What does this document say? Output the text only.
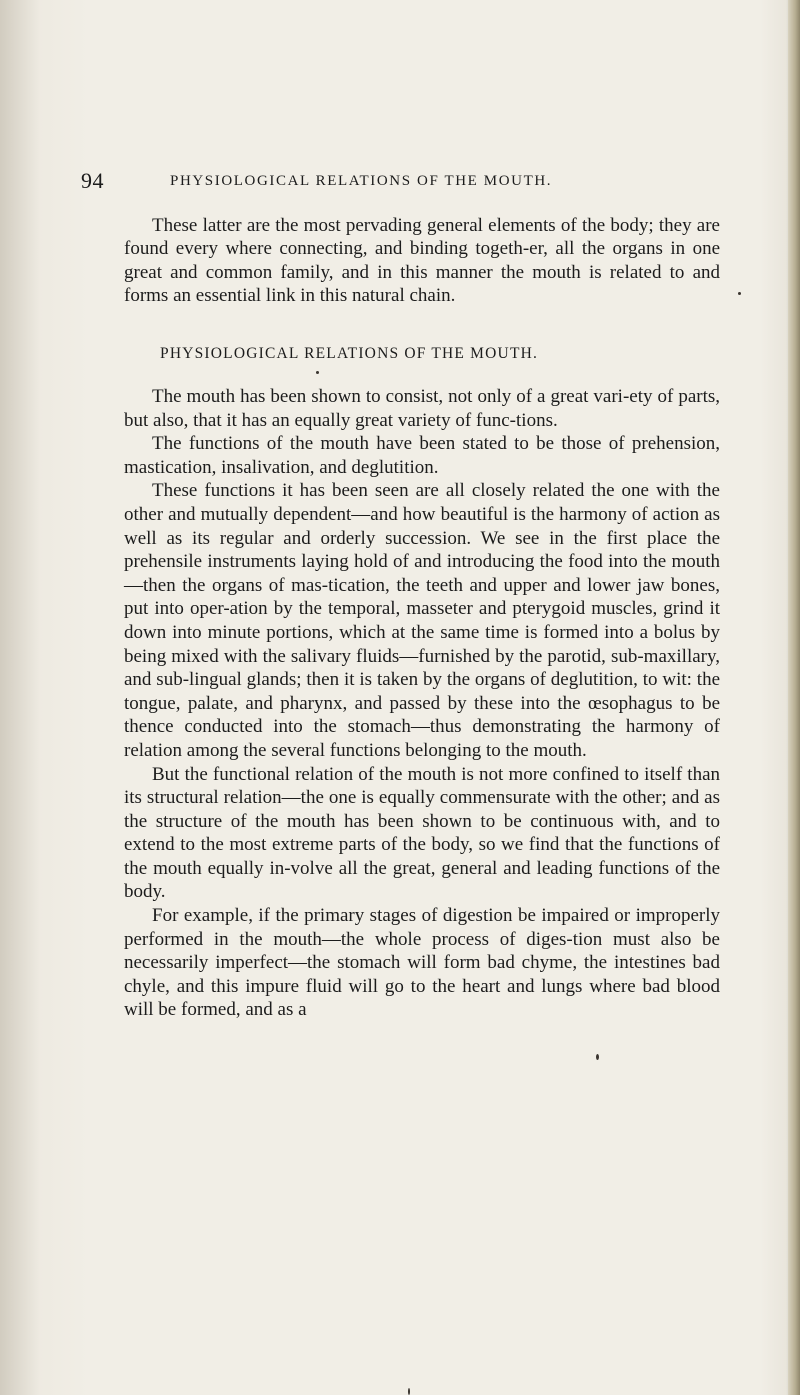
94	PHYSIOLOGICAL RELATIONS OF THE MOUTH.

These latter are the most pervading general elements of the body; they are found every where connecting, and binding togeth-er, all the organs in one great and common family, and in this manner the mouth is related to and forms an essential link in this natural chain.

PHYSIOLOGICAL RELATIONS OF THE MOUTH.

The mouth has been shown to consist, not only of a great vari-ety of parts, but also, that it has an equally great variety of func-tions.

The functions of the mouth have been stated to be those of prehension, mastication, insalivation, and deglutition.

These functions it has been seen are all closely related the one with the other and mutually dependent—and how beautiful is the harmony of action as well as its regular and orderly succession. We see in the first place the prehensile instruments laying hold of and introducing the food into the mouth—then the organs of mas-tication, the teeth and upper and lower jaw bones, put into oper-ation by the temporal, masseter and pterygoid muscles, grind it down into minute portions, which at the same time is formed into a bolus by being mixed with the salivary fluids—furnished by the parotid, sub-maxillary, and sub-lingual glands; then it is taken by the organs of deglutition, to wit: the tongue, palate, and pharynx, and passed by these into the œsophagus to be thence conducted into the stomach—thus demonstrating the harmony of relation among the several functions belonging to the mouth.

But the functional relation of the mouth is not more confined to itself than its structural relation—the one is equally commensurate with the other; and as the structure of the mouth has been shown to be continuous with, and to extend to the most extreme parts of the body, so we find that the functions of the mouth equally in-volve all the great, general and leading functions of the body.

For example, if the primary stages of digestion be impaired or improperly performed in the mouth—the whole process of diges-tion must also be necessarily imperfect—the stomach will form bad chyme, the intestines bad chyle, and this impure fluid will go to the heart and lungs where bad blood will be formed, and as a
